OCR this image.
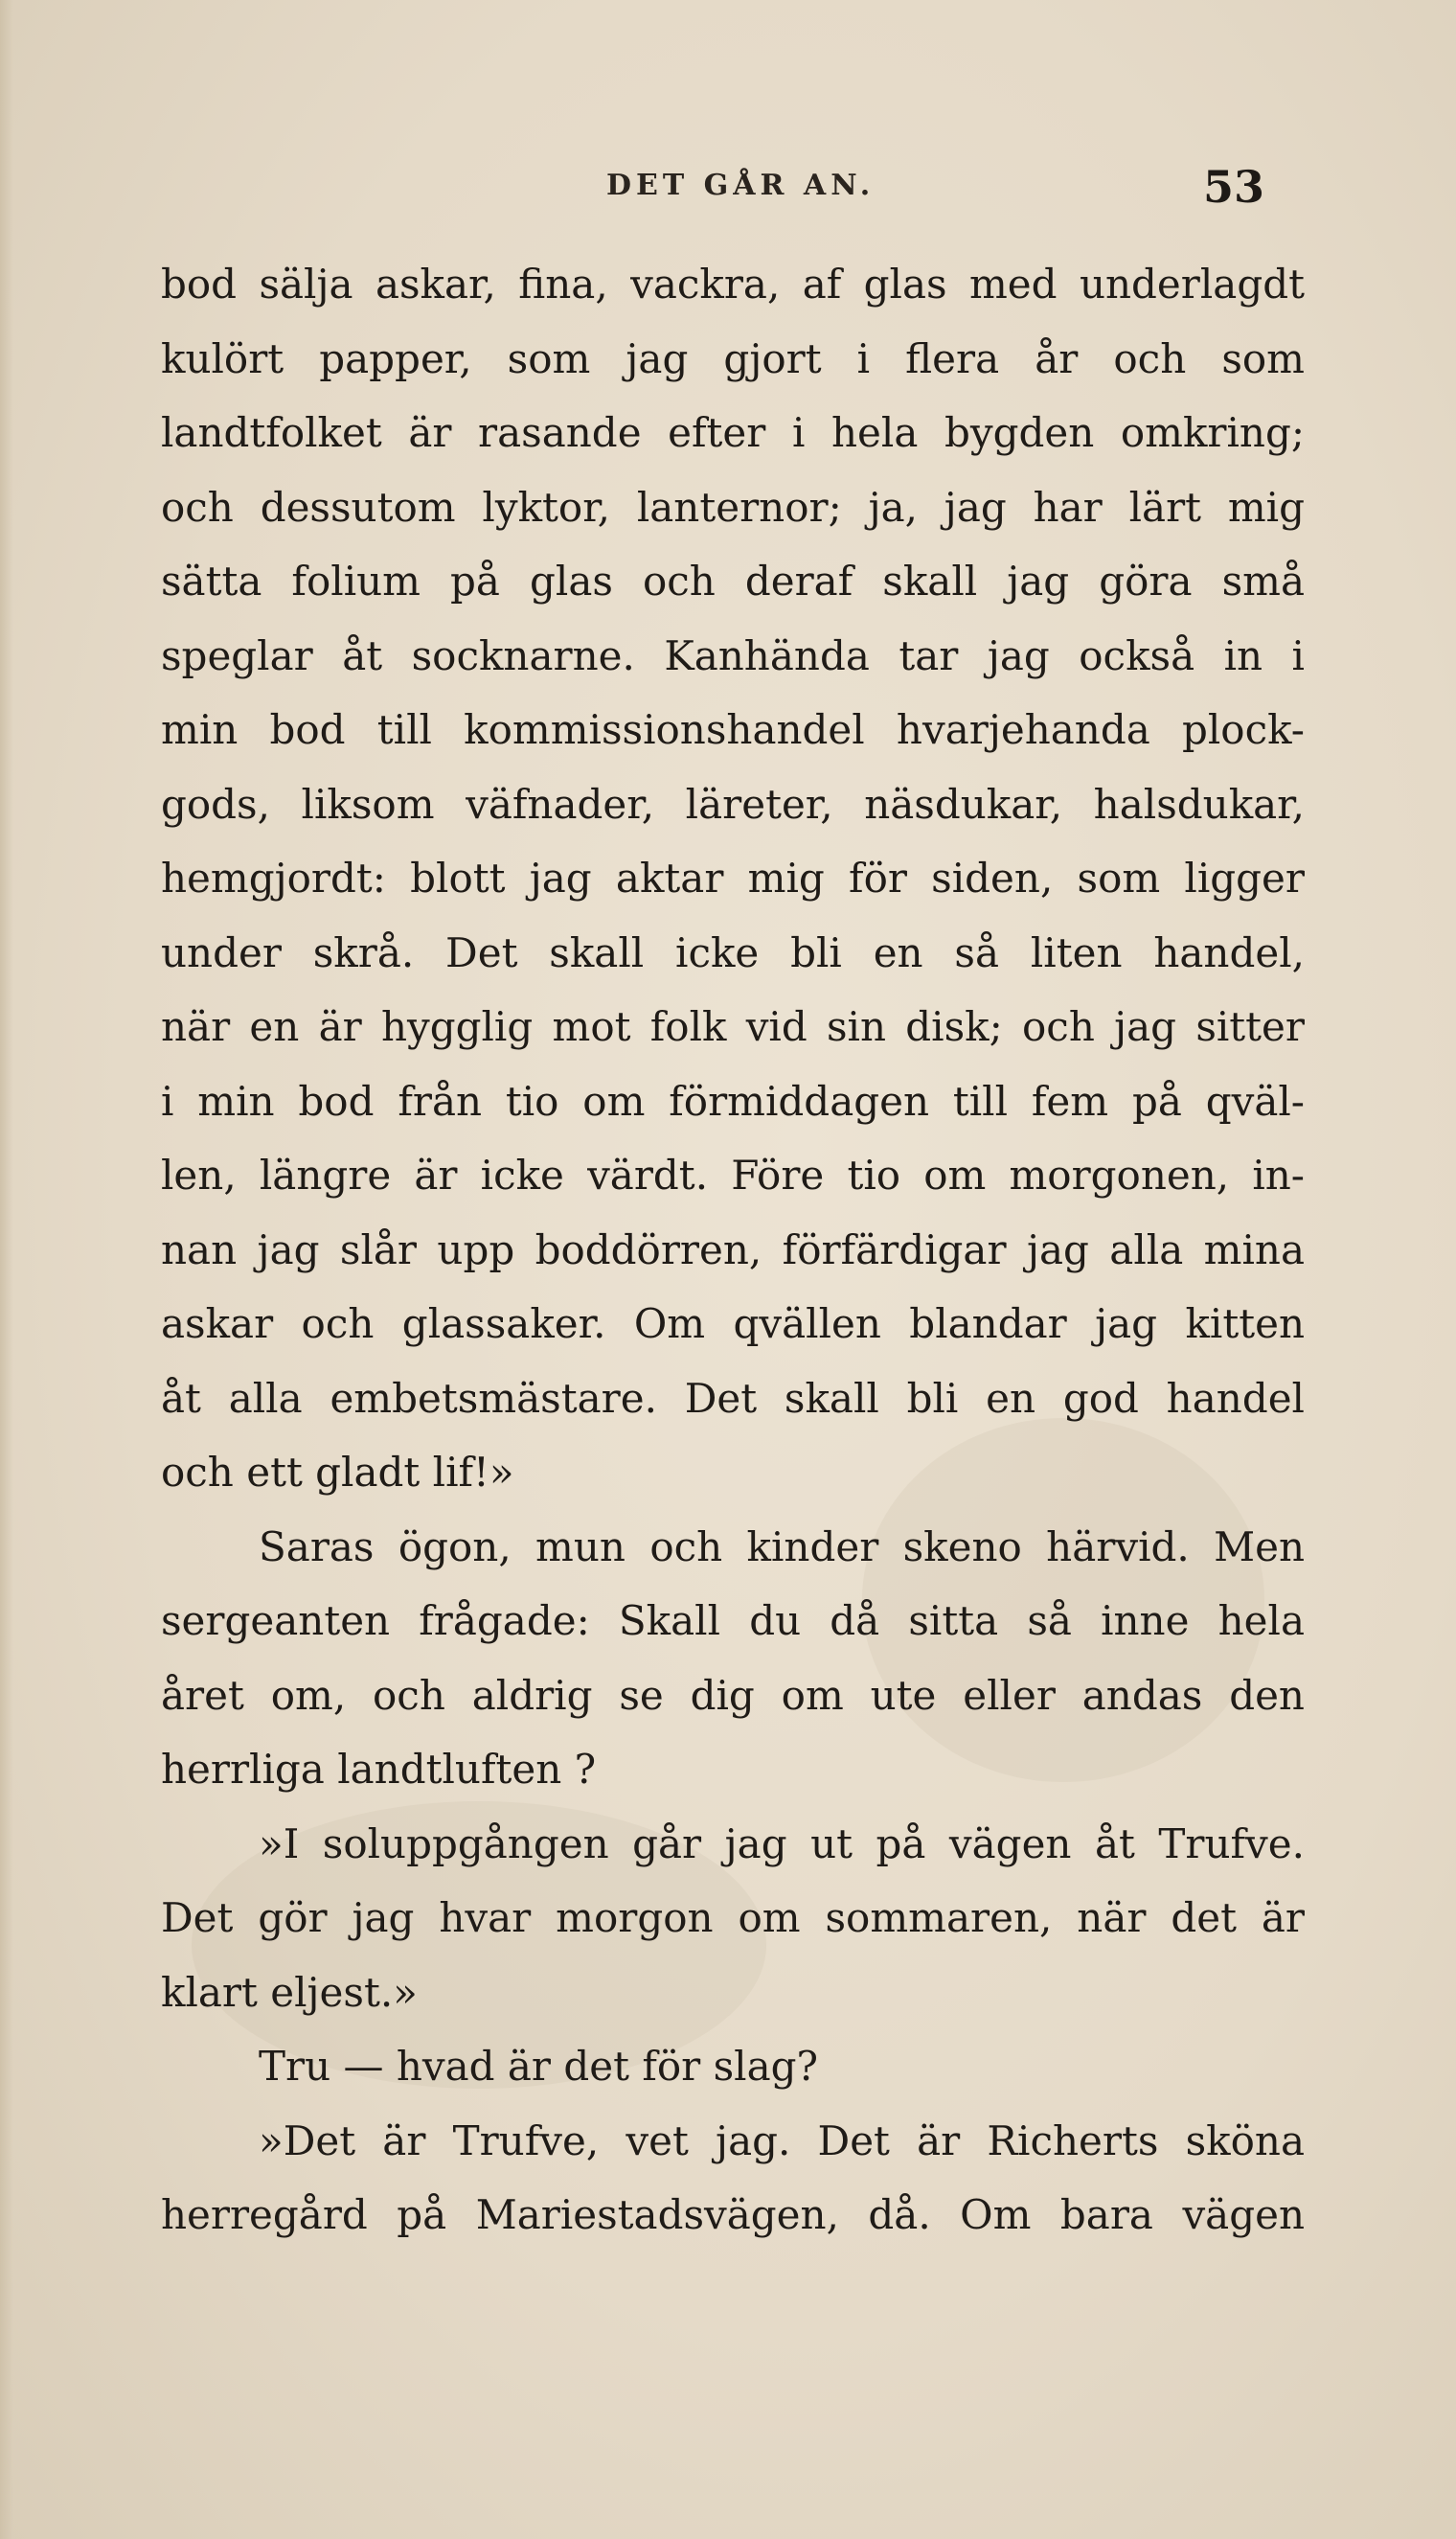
DET GÅR AN.	53
bod sälja askar, fina, vackra, af glas med underlagdt
kulört papper, som jag gjort i flera år och som
landtfolket är rasande efter i hela bygden omkring;
och dessutom lyktor, lanternor; ja, jag har lärt mig
sätta folium på glas och deraf skall jag göra små
speglar åt socknarne. Kanhända tar jag också in i
min bod till kommissionshandel hvarjehanda plock-
gods, liksom väfnader, läreter, näsdukar, halsdukar,
hemgjordt: blott jag aktar mig för siden, som ligger
under skrå. Det skall icke bli en så liten handel,
när en är hygglig mot folk vid sin disk; och jag sitter
i min bod från tio om förmiddagen till fem på qväl-
len, längre är icke värdt. Före tio om morgonen, in-
nan jag slår upp boddörren, förfärdigar jag alla mina
askar och glassaker. Om qvällen blandar jag kitten
åt alla embetsmästare. Det skall bli en god handel
och ett gladt lif!»
Saras ögon, mun och kinder skeno härvid. Men
sergeanten frågade: Skall du då sitta så inne hela
året om, och aldrig se dig om ute eller andas den
herrliga landtluften ?
»I soluppgången går jag ut på vägen åt Trufve.
Det gör jag hvar morgon om sommaren, när det är
klart eljest.»
Tru — hvad är det för slag?
»Det är Trufve, vet jag. Det är Richerts sköna
herregård på Mariestadsvägen, då. Om bara vägen
